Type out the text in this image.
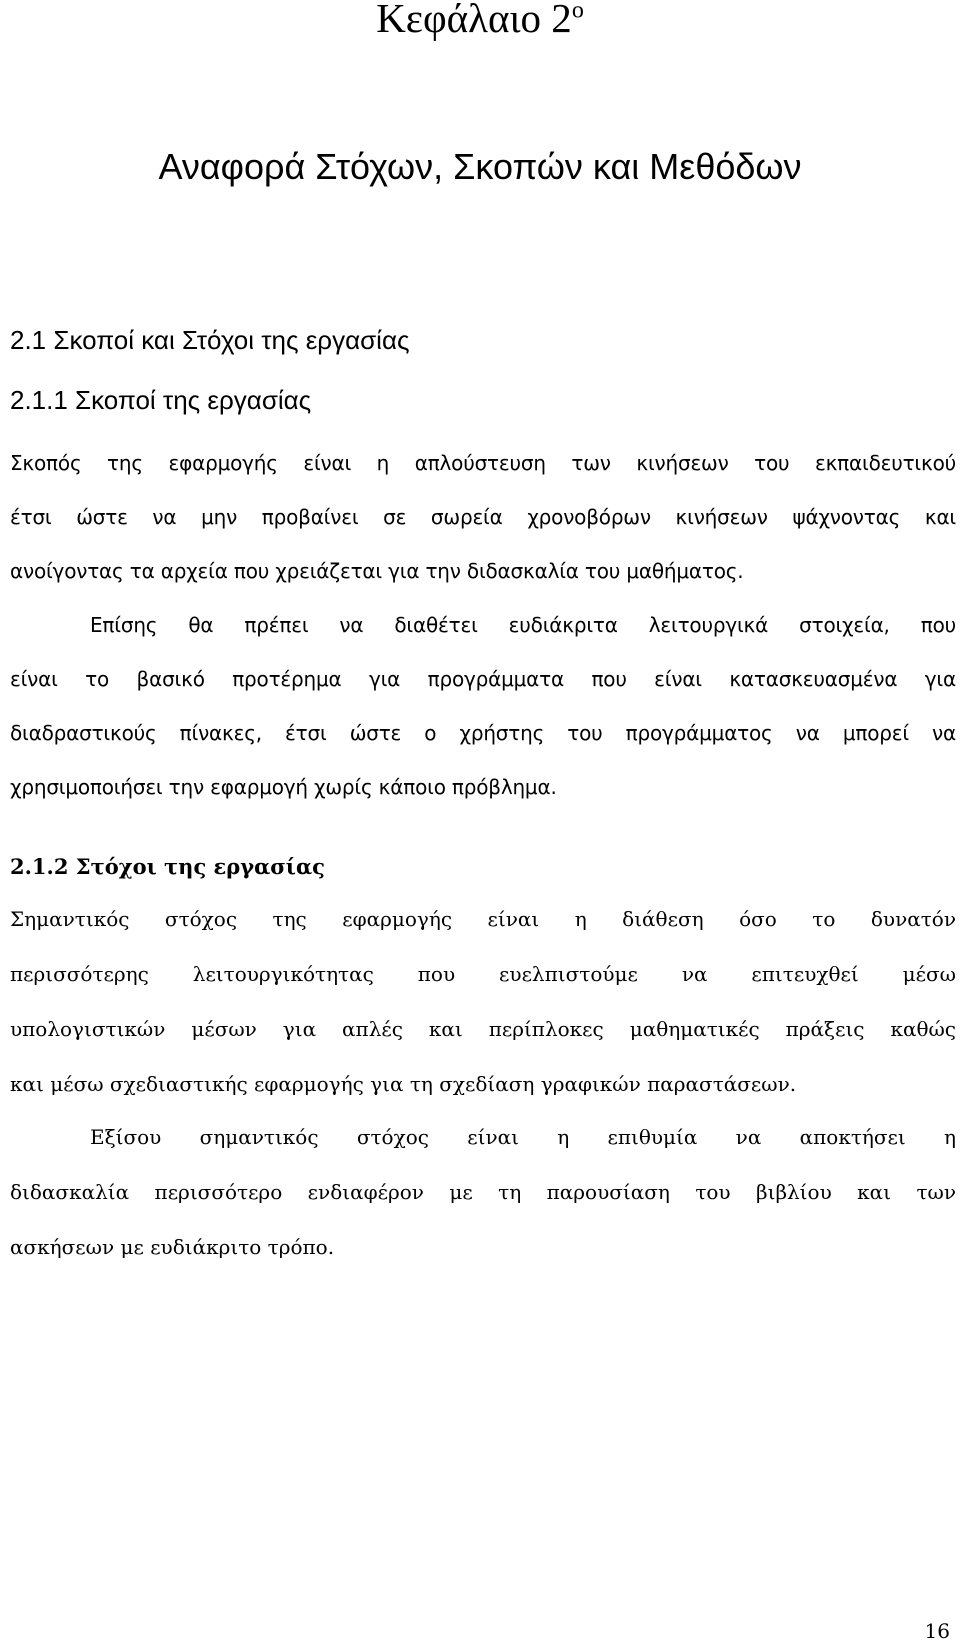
Κεφάλαιο $2^o$
Αναφορά Στόχων, Σκοπών και Μεθόδων
2.1 Σκοποί και Στόχοι της εργασίας
2.1.1 Σκοποί της εργασίας

Σκοπός της εφαρμογής είναι η απλούστευση των κινήσεων του εκπαιδευτικού
έτσι ώστε να μην προβαίνει σε σωρεία χρονοβόρων κινήσεων ψάχνοντας και
ανοίγοντας τα αρχεία που χρειάζεται για την διδασκαλία του μαθήματος.

Επίσης θα πρέπει να διαθέτει ευδιάκριτα λειτουργικά στοιχεία, που
είναι το βασικό προτέρημα για προγράμματα που είναι κατασκευασμένα για
διαδραστικούς πίνακες, έτσι ώστε ο χρήστης του προγράμματος να μπορεί να
χρησιμοποιήσει την εφαρμογή χωρίς κάποιο πρόβλημα.

2.1.2 Στόχοι της εργασίας

Σημαντικός στόχος της εφαρμογής είναι η διάθεση όσο το δυνατόν
περισσότερης λειτουργικότητας που ευελπιστούμε να επιτευχθεί μέσω
υπολογιστικών μέσων για απλές και περίπλοκες μαθηματικές πράξεις καθώς
και μέσω σχεδιαστικής εφαρμογής για τη σχεδίαση γραφικών παραστάσεων.

Εξίσου σημαντικός στόχος είναι η επιθυμία να αποκτήσει η
διδασκαλία περισσότερο ενδιαφέρον με τη παρουσίαση του βιβλίου και των
ασκήσεων με ευδιάκριτο τρόπο.

16
